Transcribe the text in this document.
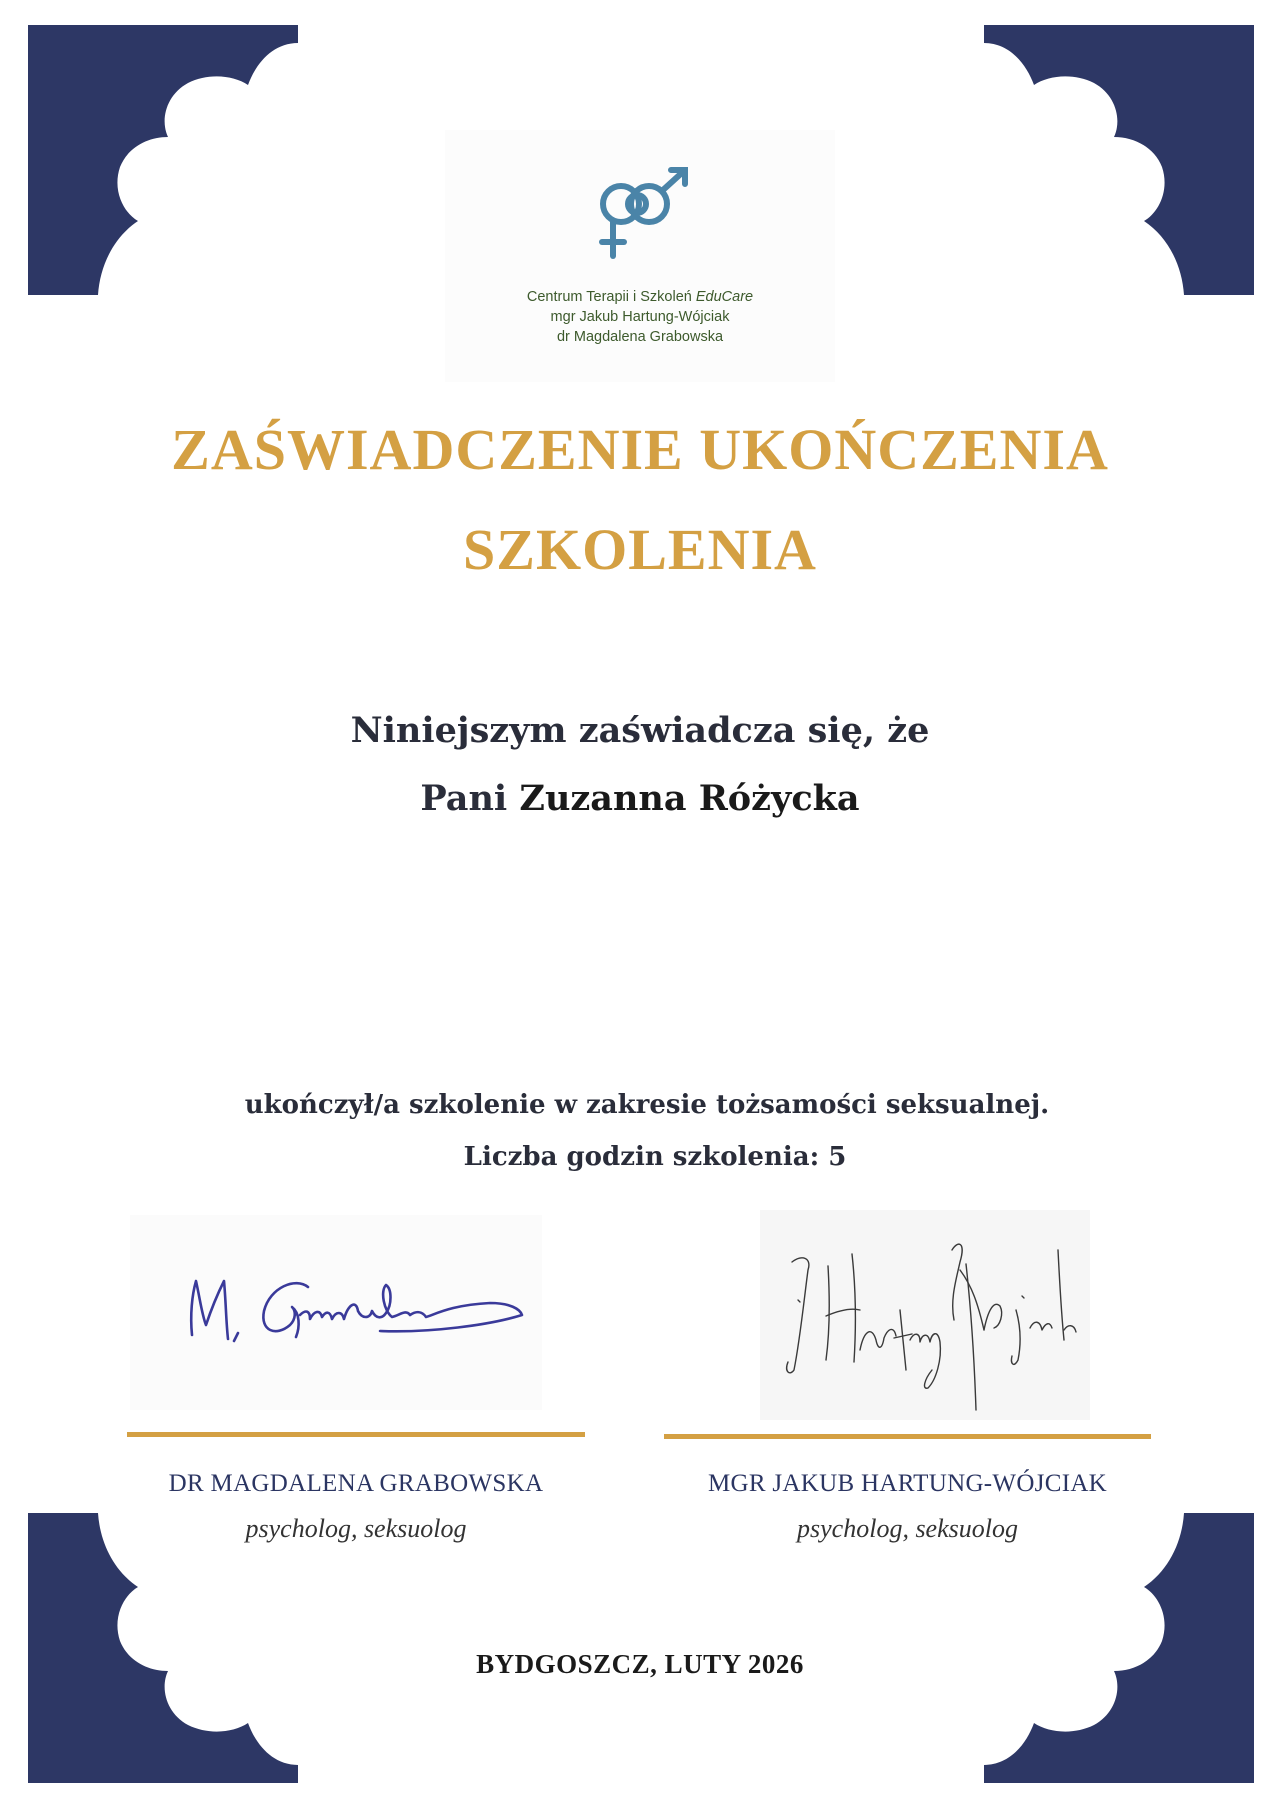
Centrum Terapii i Szkoleń EduCare
mgr Jakub Hartung-Wójciak
dr Magdalena Grabowska
ZAŚWIADCZENIE UKOŃCZENIA
SZKOLENIA
Niniejszym zaświadcza się, że
Pani Zuzanna Różycka
ukończył/a szkolenie w zakresie tożsamości seksualnej.
Liczba godzin szkolenia: 5
DR MAGDALENA GRABOWSKA
psycholog, seksuolog
MGR JAKUB HARTUNG-WÓJCIAK
psycholog, seksuolog
BYDGOSZCZ, LUTY 2026
